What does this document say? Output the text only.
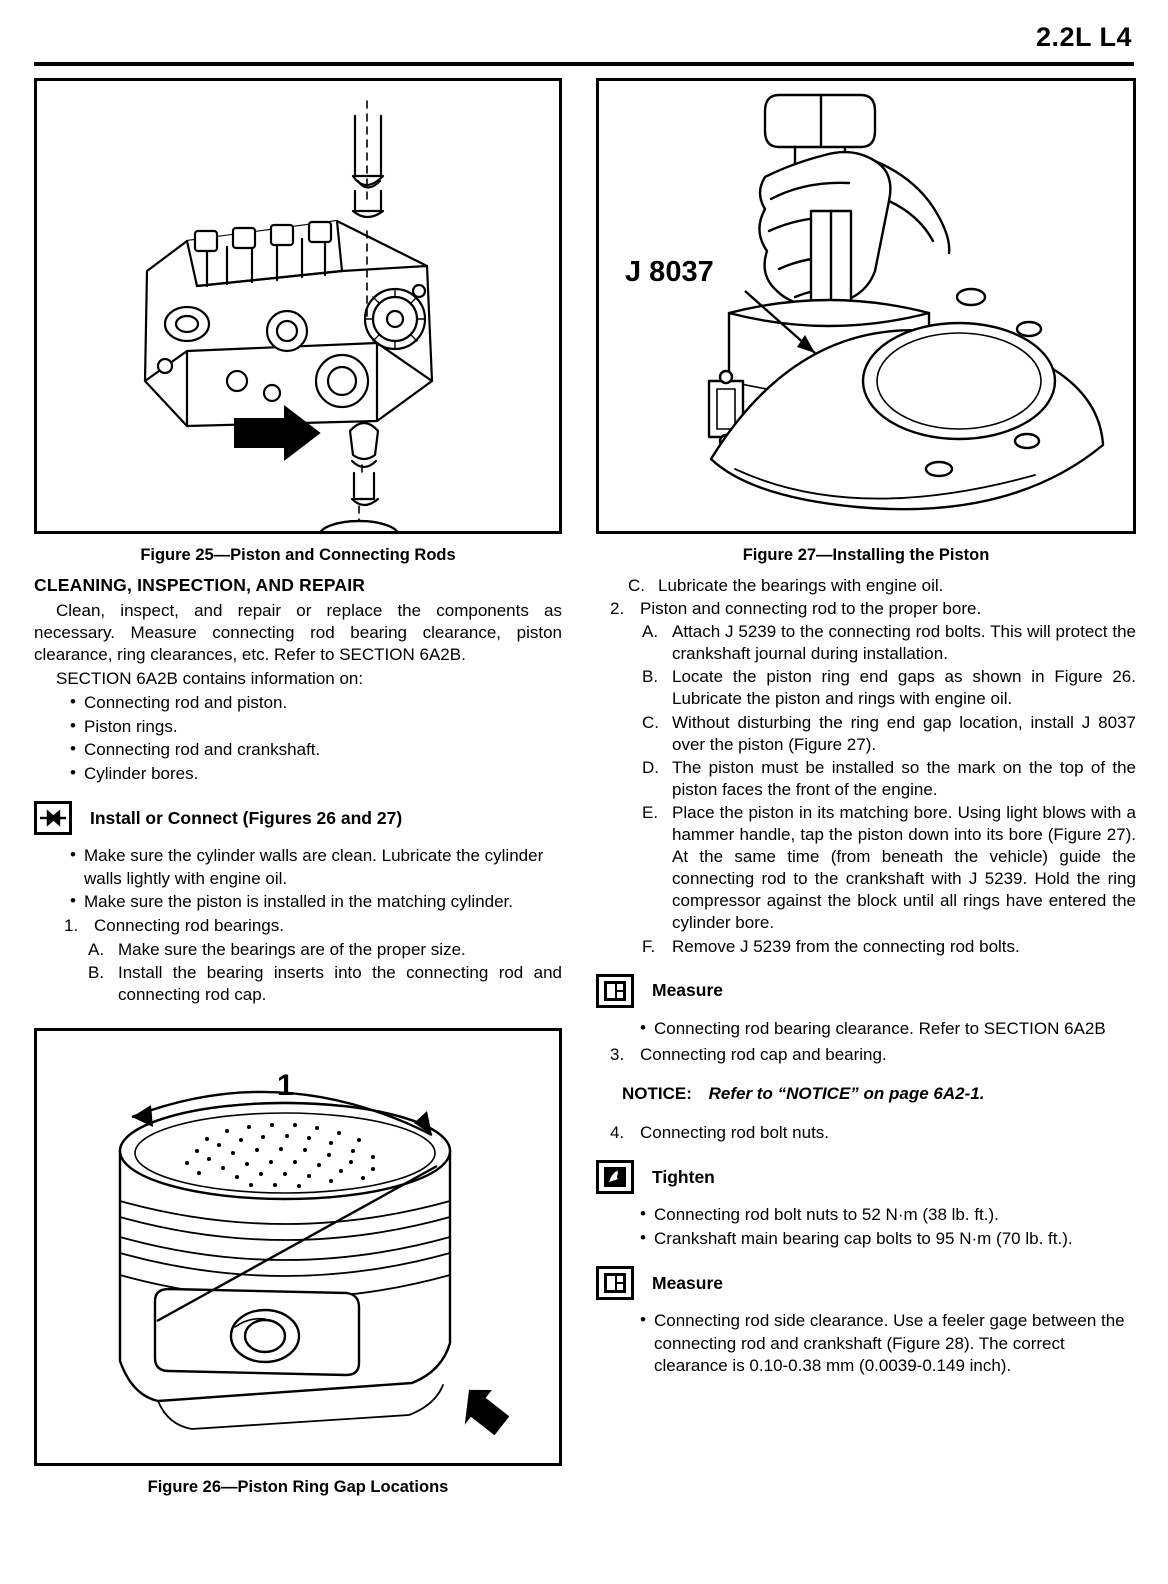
2.2L L4
Figure 25—Piston and Connecting Rods
CLEANING, INSPECTION, AND REPAIR

Clean, inspect, and repair or replace the components as necessary. Measure connecting rod bearing clearance, piston clearance, ring clearances, etc. Refer to SECTION 6A2B.

SECTION 6A2B contains information on:

• Connecting rod and piston.
• Piston rings.
• Connecting rod and crankshaft.
• Cylinder bores.
Install or Connect (Figures 26 and 27)
• Make sure the cylinder walls are clean. Lubricate the cylinder walls lightly with engine oil.
• Make sure the piston is installed in the matching cylinder.
1. Connecting rod bearings.
A. Make sure the bearings are of the proper size.
B. Install the bearing inserts into the connecting rod and connecting rod cap.
1
Figure 26—Piston Ring Gap Locations
J 8037
Figure 27—Installing the Piston
C. Lubricate the bearings with engine oil.
2. Piston and connecting rod to the proper bore.
A. Attach J 5239 to the connecting rod bolts. This will protect the crankshaft journal during installation.
B. Locate the piston ring end gaps as shown in Figure 26. Lubricate the piston and rings with engine oil.
C. Without disturbing the ring end gap location, install J 8037 over the piston (Figure 27).
D. The piston must be installed so the mark on the top of the piston faces the front of the engine.
E. Place the piston in its matching bore. Using light blows with a hammer handle, tap the piston down into its bore (Figure 27). At the same time (from beneath the vehicle) guide the connecting rod to the crankshaft with J 5239. Hold the ring compressor against the block until all rings have entered the cylinder bore.
F. Remove J 5239 from the connecting rod bolts.
Measure
• Connecting rod bearing clearance. Refer to SECTION 6A2B
3. Connecting rod cap and bearing.
NOTICE: Refer to “NOTICE” on page 6A2-1.
4. Connecting rod bolt nuts.
Tighten
• Connecting rod bolt nuts to 52 N·m (38 lb. ft.).
• Crankshaft main bearing cap bolts to 95 N·m (70 lb. ft.).
Measure
• Connecting rod side clearance. Use a feeler gage between the connecting rod and crankshaft (Figure 28). The correct clearance is 0.10-0.38 mm (0.0039-0.149 inch).
